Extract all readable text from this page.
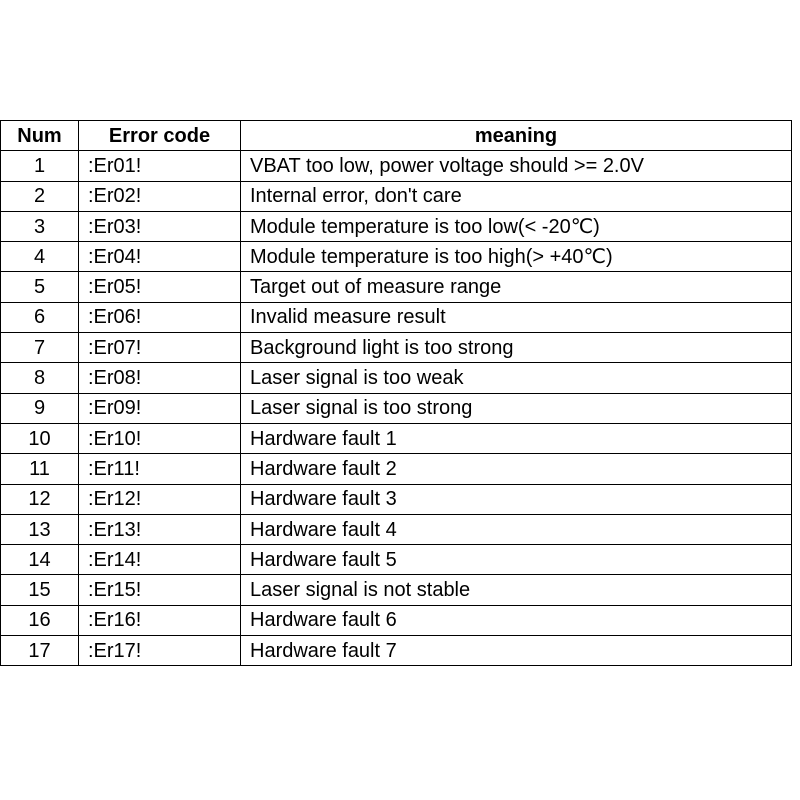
Num	Error code	meaning
1	:Er01!	VBAT too low, power voltage should >= 2.0V
2	:Er02!	Internal error, don't care
3	:Er03!	Module temperature is too low(< -20℃)
4	:Er04!	Module temperature is too high(> +40℃)
5	:Er05!	Target out of measure range
6	:Er06!	Invalid measure result
7	:Er07!	Background light is too strong
8	:Er08!	Laser signal is too weak
9	:Er09!	Laser signal is too strong
10	:Er10!	Hardware fault 1
11	:Er11!	Hardware fault 2
12	:Er12!	Hardware fault 3
13	:Er13!	Hardware fault 4
14	:Er14!	Hardware fault 5
15	:Er15!	Laser signal is not stable
16	:Er16!	Hardware fault 6
17	:Er17!	Hardware fault 7
